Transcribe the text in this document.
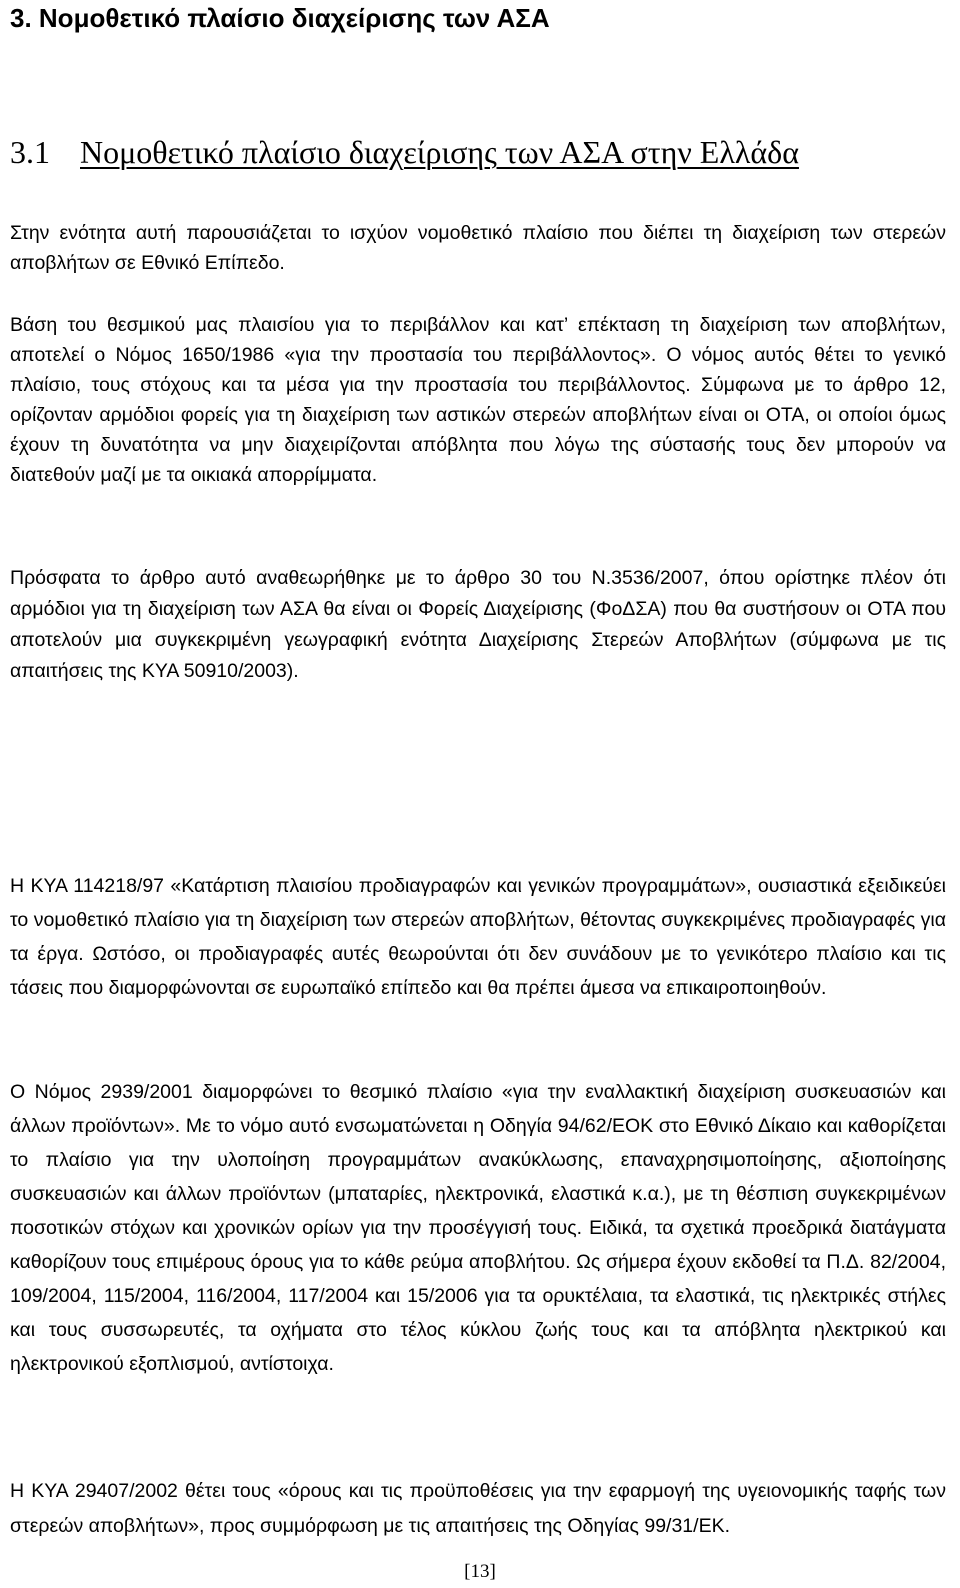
3. Νομοθετικό πλαίσιο διαχείρισης των ΑΣΑ
3.1 Νομοθετικό πλαίσιο διαχείρισης των ΑΣΑ στην Ελλάδα
Στην ενότητα αυτή παρουσιάζεται το ισχύον νομοθετικό πλαίσιο που διέπει τη διαχείριση των στερεών αποβλήτων σε Εθνικό Επίπεδο.
Βάση του θεσμικού μας πλαισίου για το περιβάλλον και κατ’ επέκταση τη διαχείριση των αποβλήτων, αποτελεί ο Νόμος 1650/1986 «για την προστασία του περιβάλλοντος». Ο νόμος αυτός θέτει το γενικό πλαίσιο, τους στόχους και τα μέσα για την προστασία του περιβάλλοντος. Σύμφωνα με το άρθρο 12, ορίζονταν αρμόδιοι φορείς για τη διαχείριση των αστικών στερεών αποβλήτων είναι οι ΟΤΑ, οι οποίοι όμως έχουν τη δυνατότητα να μην διαχειρίζονται απόβλητα που λόγω της σύστασής τους δεν μπορούν να διατεθούν μαζί με τα οικιακά απορρίμματα.
Πρόσφατα το άρθρο αυτό αναθεωρήθηκε με το άρθρο 30 του Ν.3536/2007, όπου ορίστηκε πλέον ότι αρμόδιοι για τη διαχείριση των ΑΣΑ θα είναι οι Φορείς Διαχείρισης (ΦοΔΣΑ) που θα συστήσουν οι ΟΤΑ που αποτελούν μια συγκεκριμένη γεωγραφική ενότητα Διαχείρισης Στερεών Αποβλήτων (σύμφωνα με τις απαιτήσεις της ΚΥΑ 50910/2003).
Η ΚΥΑ 114218/97 «Κατάρτιση πλαισίου προδιαγραφών και γενικών προγραμμάτων», ουσιαστικά εξειδικεύει το νομοθετικό πλαίσιο για τη διαχείριση των στερεών αποβλήτων, θέτοντας συγκεκριμένες προδιαγραφές για τα έργα. Ωστόσο, οι προδιαγραφές αυτές θεωρούνται ότι δεν συνάδουν με το γενικότερο πλαίσιο και τις τάσεις που διαμορφώνονται σε ευρωπαϊκό επίπεδο και θα πρέπει άμεσα να επικαιροποιηθούν.
Ο Νόμος 2939/2001 διαμορφώνει το θεσμικό πλαίσιο «για την εναλλακτική διαχείριση συσκευασιών και άλλων προϊόντων». Με το νόμο αυτό ενσωματώνεται η Οδηγία 94/62/ΕΟΚ στο Εθνικό Δίκαιο και καθορίζεται το πλαίσιο για την υλοποίηση προγραμμάτων ανακύκλωσης, επαναχρησιμοποίησης, αξιοποίησης συσκευασιών και άλλων προϊόντων (μπαταρίες, ηλεκτρονικά, ελαστικά κ.α.), με τη θέσπιση συγκεκριμένων ποσοτικών στόχων και χρονικών ορίων για την προσέγγισή τους. Ειδικά, τα σχετικά προεδρικά διατάγματα καθορίζουν τους επιμέρους όρους για το κάθε ρεύμα αποβλήτου. Ως σήμερα έχουν εκδοθεί τα Π.Δ. 82/2004, 109/2004, 115/2004, 116/2004, 117/2004 και 15/2006 για τα ορυκτέλαια, τα ελαστικά, τις ηλεκτρικές στήλες και τους συσσωρευτές, τα οχήματα στο τέλος κύκλου ζωής τους και τα απόβλητα ηλεκτρικού και ηλεκτρονικού εξοπλισμού, αντίστοιχα.
Η ΚΥΑ 29407/2002 θέτει τους «όρους και τις προϋποθέσεις για την εφαρμογή της υγειονομικής ταφής των στερεών αποβλήτων», προς συμμόρφωση με τις απαιτήσεις της Οδηγίας 99/31/ΕΚ.
[13]
